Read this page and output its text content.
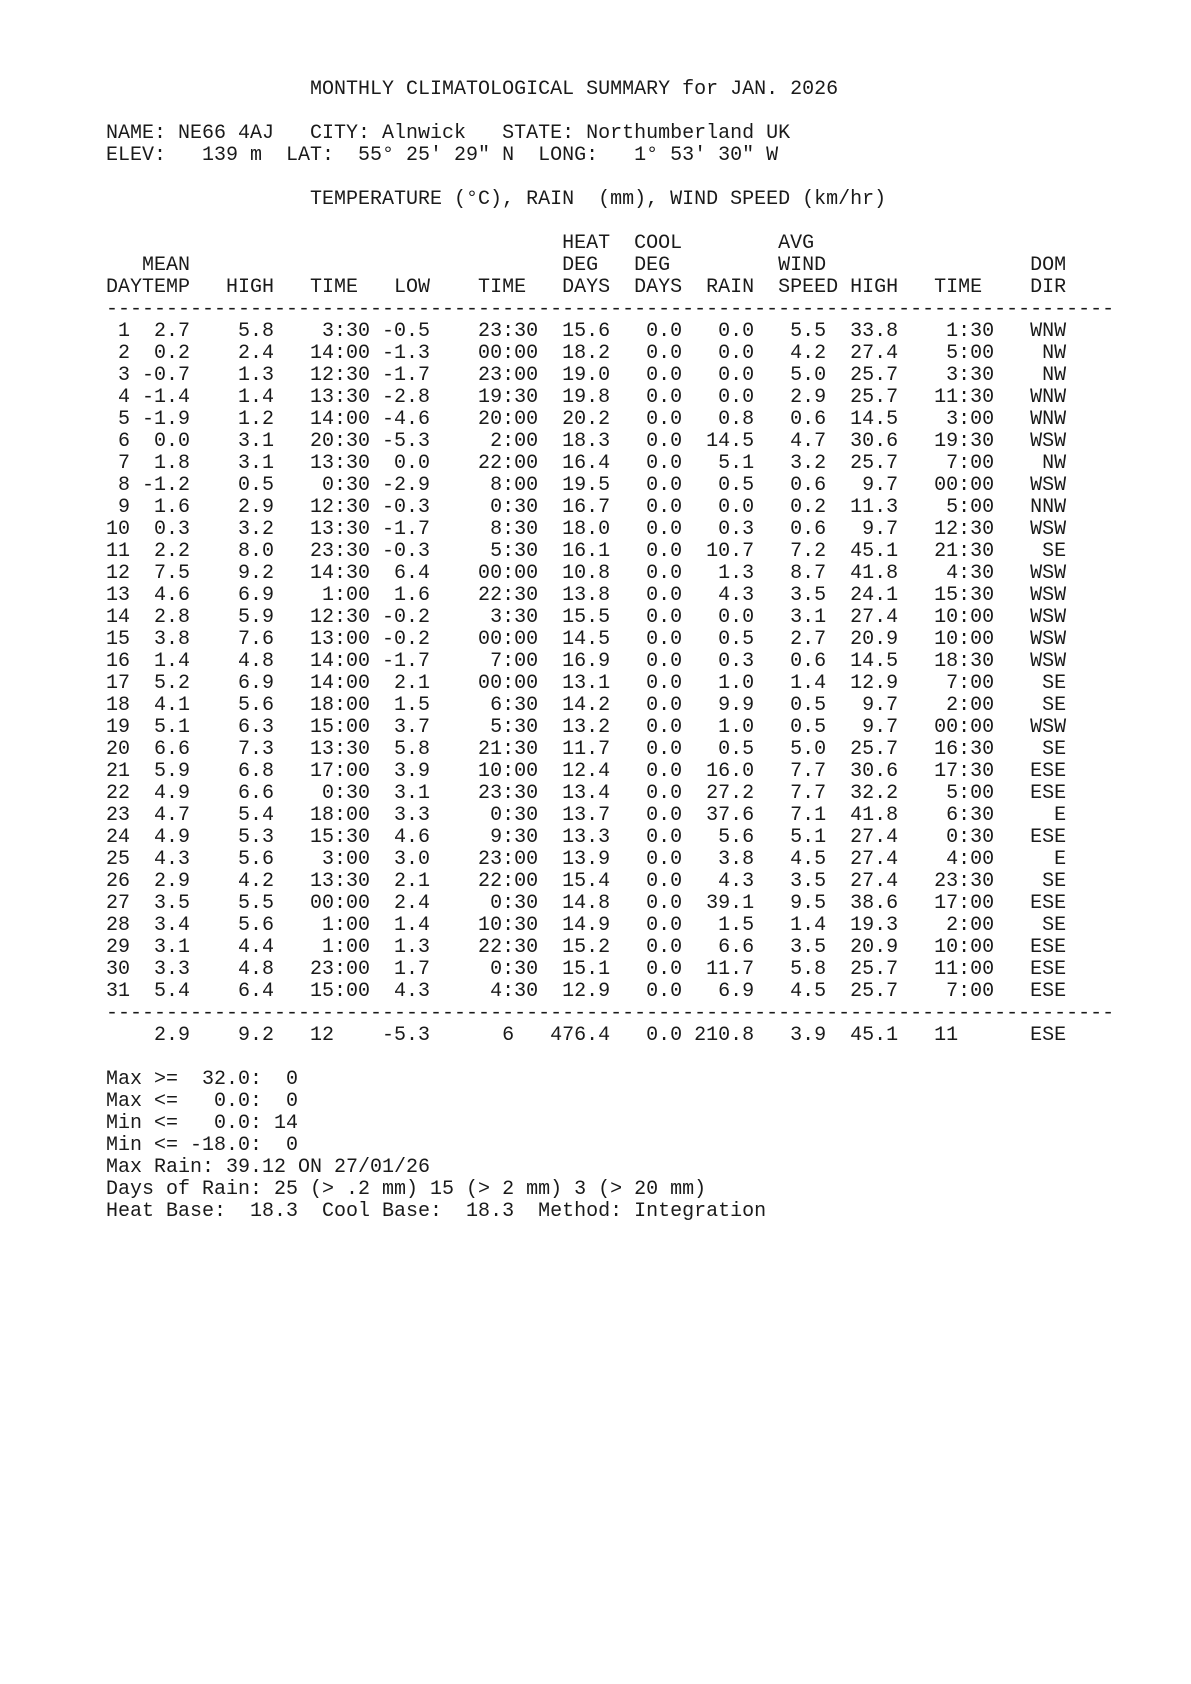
MONTHLY CLIMATOLOGICAL SUMMARY for JAN. 2026

NAME: NE66 4AJ   CITY: Alnwick   STATE: Northumberland UK
ELEV:   139 m  LAT:  55° 25' 29" N  LONG:   1° 53' 30" W

TEMPERATURE (°C), RAIN  (mm), WIND SPEED (km/hr)

HEAT  COOL        AVG
MEAN                               DEG   DEG         WIND                 DOM
DAYTEMP   HIGH   TIME   LOW    TIME   DAYS  DAYS  RAIN  SPEED HIGH   TIME    DIR
------------------------------------------------------------------------------------
1  2.7    5.8    3:30 -0.5    23:30  15.6   0.0   0.0   5.5  33.8    1:30   WNW
2  0.2    2.4   14:00 -1.3    00:00  18.2   0.0   0.0   4.2  27.4    5:00    NW
3 -0.7    1.3   12:30 -1.7    23:00  19.0   0.0   0.0   5.0  25.7    3:30    NW
4 -1.4    1.4   13:30 -2.8    19:30  19.8   0.0   0.0   2.9  25.7   11:30   WNW
5 -1.9    1.2   14:00 -4.6    20:00  20.2   0.0   0.8   0.6  14.5    3:00   WNW
6  0.0    3.1   20:30 -5.3     2:00  18.3   0.0  14.5   4.7  30.6   19:30   WSW
7  1.8    3.1   13:30  0.0    22:00  16.4   0.0   5.1   3.2  25.7    7:00    NW
8 -1.2    0.5    0:30 -2.9     8:00  19.5   0.0   0.5   0.6   9.7   00:00   WSW
9  1.6    2.9   12:30 -0.3     0:30  16.7   0.0   0.0   0.2  11.3    5:00   NNW
10  0.3    3.2   13:30 -1.7     8:30  18.0   0.0   0.3   0.6   9.7   12:30   WSW
11  2.2    8.0   23:30 -0.3     5:30  16.1   0.0  10.7   7.2  45.1   21:30    SE
12  7.5    9.2   14:30  6.4    00:00  10.8   0.0   1.3   8.7  41.8    4:30   WSW
13  4.6    6.9    1:00  1.6    22:30  13.8   0.0   4.3   3.5  24.1   15:30   WSW
14  2.8    5.9   12:30 -0.2     3:30  15.5   0.0   0.0   3.1  27.4   10:00   WSW
15  3.8    7.6   13:00 -0.2    00:00  14.5   0.0   0.5   2.7  20.9   10:00   WSW
16  1.4    4.8   14:00 -1.7     7:00  16.9   0.0   0.3   0.6  14.5   18:30   WSW
17  5.2    6.9   14:00  2.1    00:00  13.1   0.0   1.0   1.4  12.9    7:00    SE
18  4.1    5.6   18:00  1.5     6:30  14.2   0.0   9.9   0.5   9.7    2:00    SE
19  5.1    6.3   15:00  3.7     5:30  13.2   0.0   1.0   0.5   9.7   00:00   WSW
20  6.6    7.3   13:30  5.8    21:30  11.7   0.0   0.5   5.0  25.7   16:30    SE
21  5.9    6.8   17:00  3.9    10:00  12.4   0.0  16.0   7.7  30.6   17:30   ESE
22  4.9    6.6    0:30  3.1    23:30  13.4   0.0  27.2   7.7  32.2    5:00   ESE
23  4.7    5.4   18:00  3.3     0:30  13.7   0.0  37.6   7.1  41.8    6:30     E
24  4.9    5.3   15:30  4.6     9:30  13.3   0.0   5.6   5.1  27.4    0:30   ESE
25  4.3    5.6    3:00  3.0    23:00  13.9   0.0   3.8   4.5  27.4    4:00     E
26  2.9    4.2   13:30  2.1    22:00  15.4   0.0   4.3   3.5  27.4   23:30    SE
27  3.5    5.5   00:00  2.4     0:30  14.8   0.0  39.1   9.5  38.6   17:00   ESE
28  3.4    5.6    1:00  1.4    10:30  14.9   0.0   1.5   1.4  19.3    2:00    SE
29  3.1    4.4    1:00  1.3    22:30  15.2   0.0   6.6   3.5  20.9   10:00   ESE
30  3.3    4.8   23:00  1.7     0:30  15.1   0.0  11.7   5.8  25.7   11:00   ESE
31  5.4    6.4   15:00  4.3     4:30  12.9   0.0   6.9   4.5  25.7    7:00   ESE
------------------------------------------------------------------------------------
2.9    9.2   12    -5.3      6   476.4   0.0 210.8   3.9  45.1   11      ESE

Max >=  32.0:  0
Max <=   0.0:  0
Min <=   0.0: 14
Min <= -18.0:  0
Max Rain: 39.12 ON 27/01/26
Days of Rain: 25 (> .2 mm) 15 (> 2 mm) 3 (> 20 mm)
Heat Base:  18.3  Cool Base:  18.3  Method: Integration
